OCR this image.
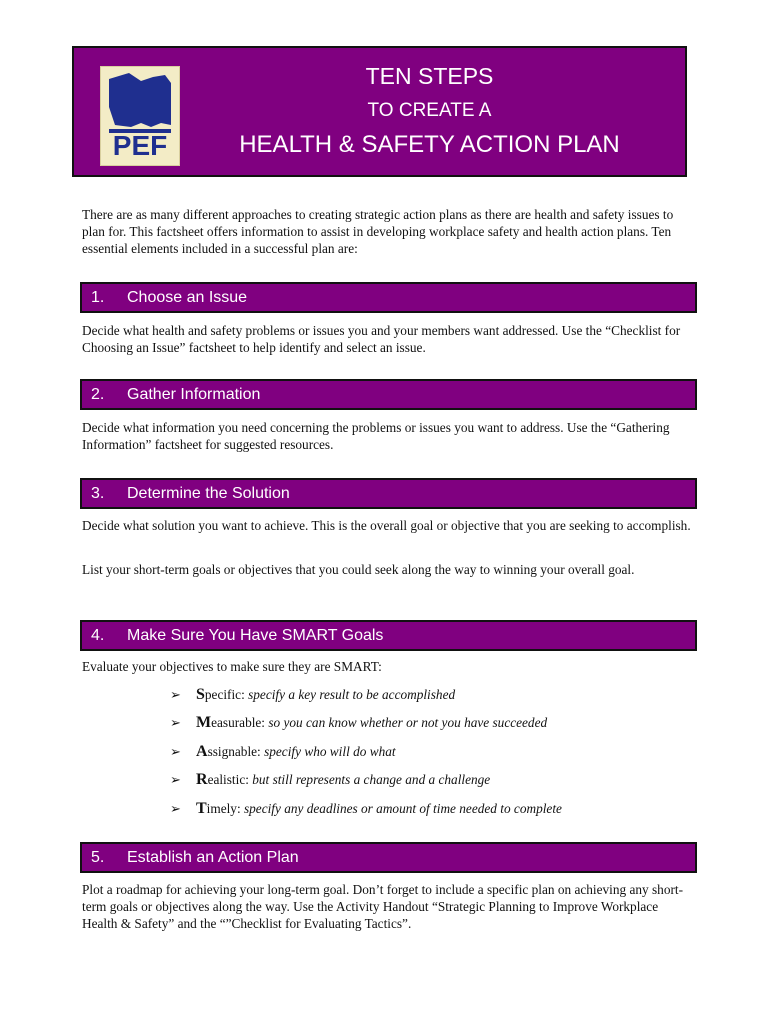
PEF
TEN STEPS
TO CREATE A
HEALTH & SAFETY ACTION PLAN

There are as many different approaches to creating strategic action plans as there are health and safety issues to plan for. This factsheet offers information to assist in developing workplace safety and health action plans. Ten essential elements included in a successful plan are:

1. Choose an Issue

Decide what health and safety problems or issues you and your members want addressed. Use the “Checklist for Choosing an Issue” factsheet to help identify and select an issue.

2. Gather Information

Decide what information you need concerning the problems or issues you want to address. Use the “Gathering Information” factsheet for suggested resources.

3. Determine the Solution

Decide what solution you want to achieve. This is the overall goal or objective that you are seeking to accomplish.

List your short-term goals or objectives that you could seek along the way to winning your overall goal.

4. Make Sure You Have SMART Goals

Evaluate your objectives to make sure they are SMART:

➢ Specific: specify a key result to be accomplished
➢ Measurable: so you can know whether or not you have succeeded
➢ Assignable: specify who will do what
➢ Realistic: but still represents a change and a challenge
➢ Timely: specify any deadlines or amount of time needed to complete
5. Establish an Action Plan

Plot a roadmap for achieving your long-term goal. Don’t forget to include a specific plan on achieving any short-term goals or objectives along the way. Use the Activity Handout “Strategic Planning to Improve Workplace Health & Safety” and the “”Checklist for Evaluating Tactics”.
